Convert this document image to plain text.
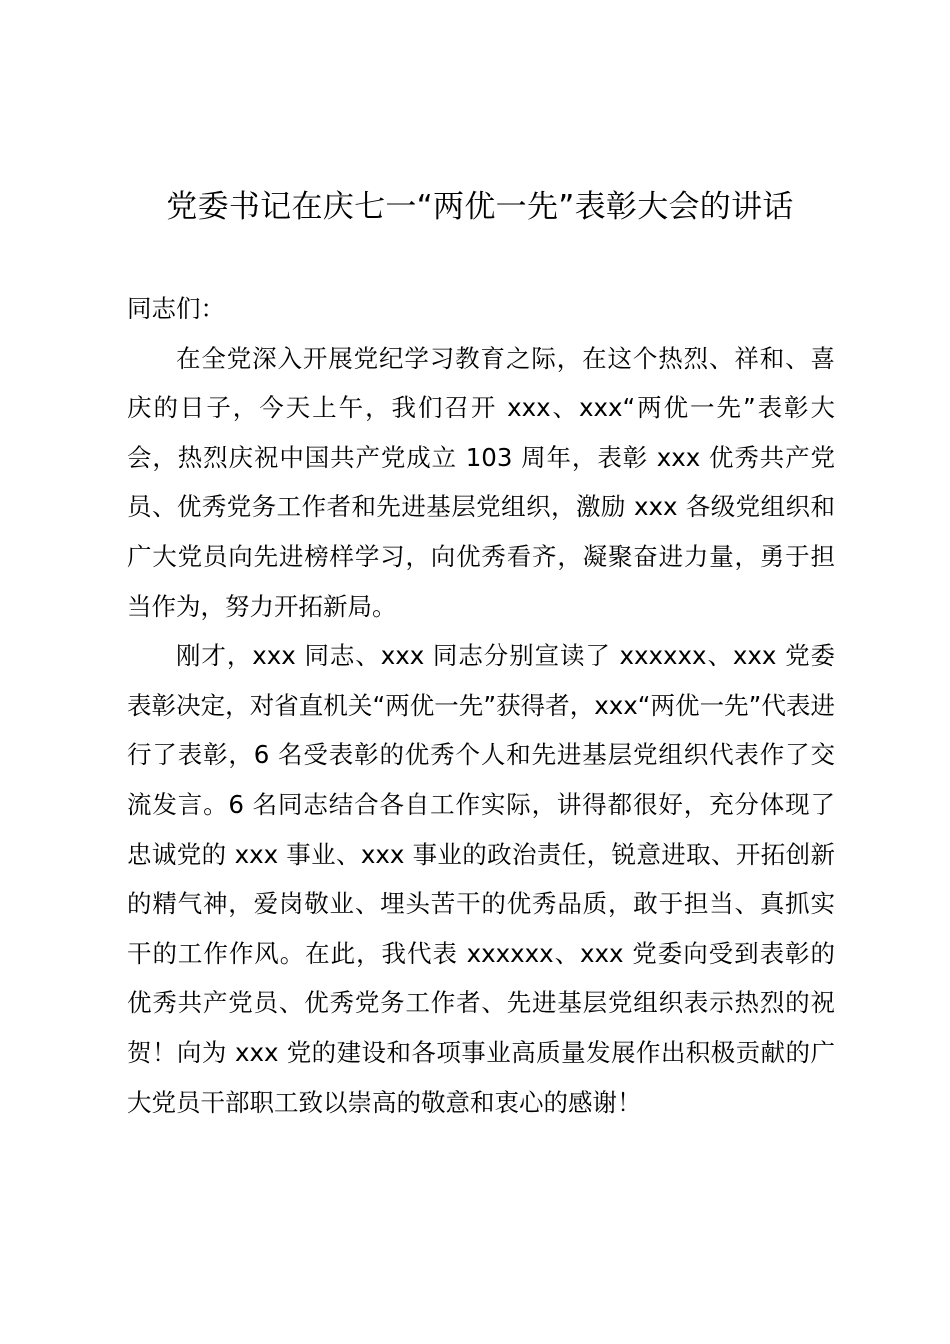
党委书记在庆七一“两优一先”表彰大会的讲话

同志们：

在全党深入开展党纪学习教育之际，在这个热烈、祥和、喜庆的日子，今天上午，我们召开 xxx、xxx“两优一先”表彰大会，热烈庆祝中国共产党成立 103 周年，表彰 xxx 优秀共产党员、优秀党务工作者和先进基层党组织，激励 xxx 各级党组织和广大党员向先进榜样学习，向优秀看齐，凝聚奋进力量，勇于担当作为，努力开拓新局。

刚才，xxx 同志、xxx 同志分别宣读了 xxxxxx、xxx 党委表彰决定，对省直机关“两优一先”获得者，xxx“两优一先”代表进行了表彰，6 名受表彰的优秀个人和先进基层党组织代表作了交流发言。6 名同志结合各自工作实际，讲得都很好，充分体现了忠诚党的 xxx 事业、xxx 事业的政治责任，锐意进取、开拓创新的精气神，爱岗敬业、埋头苦干的优秀品质，敢于担当、真抓实干的工作作风。在此，我代表 xxxxxx、xxx 党委向受到表彰的优秀共产党员、优秀党务工作者、先进基层党组织表示热烈的祝贺！向为 xxx 党的建设和各项事业高质量发展作出积极贡献的广大党员干部职工致以崇高的敬意和衷心的感谢！
